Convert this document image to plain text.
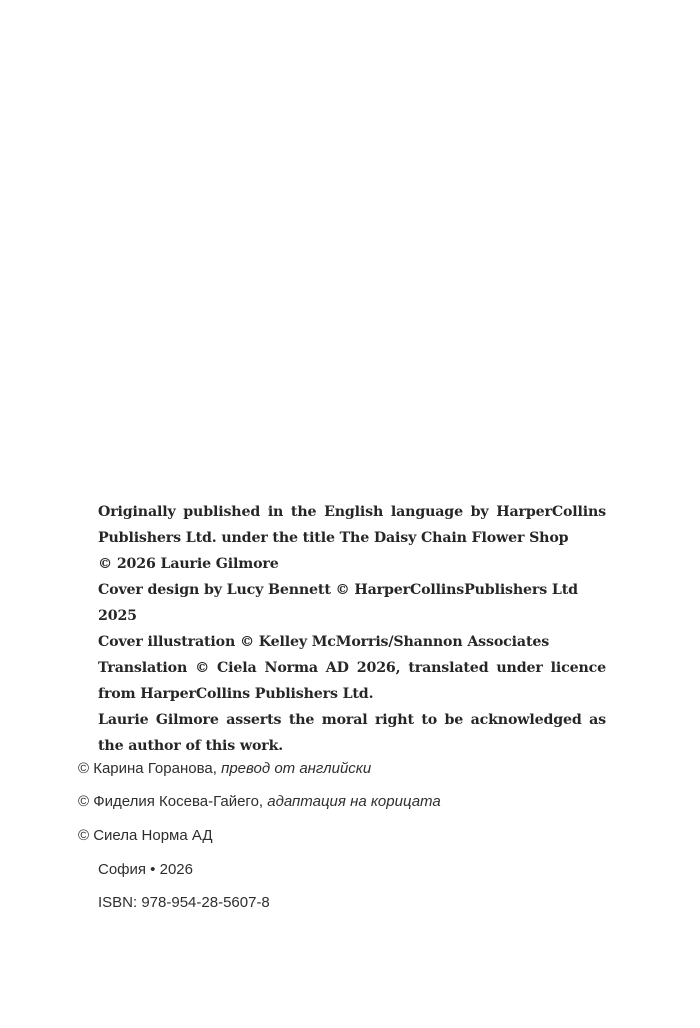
Originally published in the English language by HarperCollins Publishers Ltd. under the title The Daisy Chain Flower Shop
© 2026 Laurie Gilmore
Cover design by Lucy Bennett © HarperCollinsPublishers Ltd 2025
Cover illustration © Kelley McMorris/Shannon Associates
Translation © Ciela Norma AD 2026, translated under licence from HarperCollins Publishers Ltd.
Laurie Gilmore asserts the moral right to be acknowledged as the author of this work.
© Карина Горанова, превод от английски
© Фиделия Косева-Гайего, адаптация на корицата
© Сиела Норма АД
София • 2026
ISBN: 978-954-28-5607-8
